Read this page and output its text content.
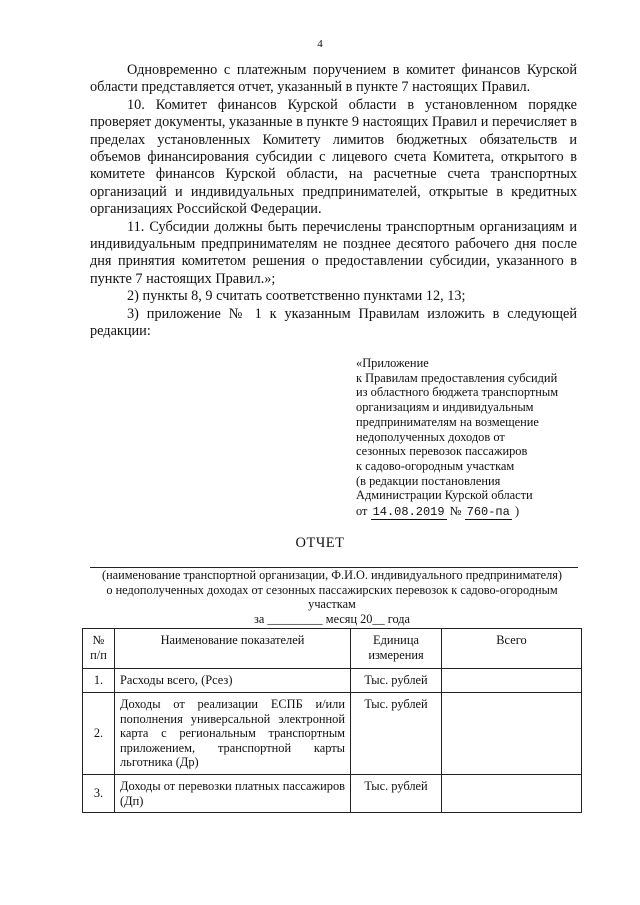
4

Одновременно с платежным поручением в комитет финансов Курской области представляется отчет, указанный в пункте 7 настоящих Правил.

10. Комитет финансов Курской области в установленном порядке проверяет документы, указанные в пункте 9 настоящих Правил и перечисляет в пределах установленных Комитету лимитов бюджетных обязательств и объемов финансирования субсидии с лицевого счета Комитета, открытого в комитете финансов Курской области, на расчетные счета транспортных организаций и индивидуальных предпринимателей, открытые в кредитных организациях Российской Федерации.

11. Субсидии должны быть перечислены транспортным организациям и индивидуальным предпринимателям не позднее десятого рабочего дня после дня принятия комитетом решения о предоставлении субсидии, указанного в пункте 7 настоящих Правил.»;

2) пункты 8, 9 считать соответственно пунктами 12, 13;

3) приложение № 1 к указанным Правилам изложить в следующей редакции:

«Приложение
к Правилам предоставления субсидий
из областного бюджета транспортным
организациям и индивидуальным
предпринимателям на возмещение
недополученных доходов от
сезонных перевозок пассажиров
к садово-огородным участкам
(в редакции постановления
Администрации Курской области
от 14.08.2019 № 760-па )
ОТЧЕТ
(наименование транспортной организации, Ф.И.О. индивидуального предпринимателя)
о недополученных доходах от сезонных пассажирских перевозок к садово-огородным участкам
за _________ месяц 20__ года
№ п/п	Наименование показателей	Единица измерения	Всего
1.	Расходы всего, (Рсез)	Тыс. рублей	
2.	Доходы от реализации ЕСПБ и/или пополнения универсальной электронной карта с региональным транспортным приложением, транспортной карты льготника (Др)	Тыс. рублей	
3.	Доходы от перевозки платных пассажиров (Дп)	Тыс. рублей	
